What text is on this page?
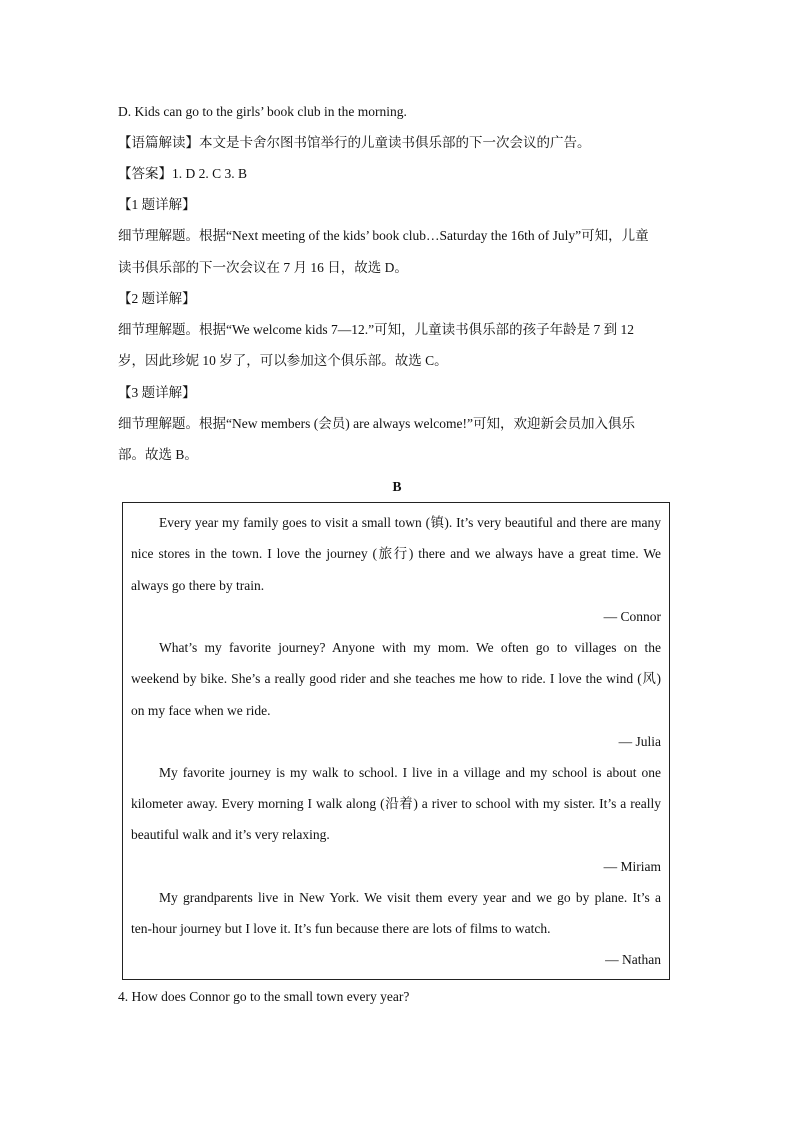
D. Kids can go to the girls’ book club in the morning.
【语篇解读】本文是卡舍尔图书馆举行的儿童读书俱乐部的下一次会议的广告。
【答案】1. D 2. C 3. B
【1 题详解】
细节理解题。根据“Next meeting of the kids’ book club…Saturday the 16th of July”可知，儿童
读书俱乐部的下一次会议在 7 月 16 日，故选 D。
【2 题详解】
细节理解题。根据“We welcome kids 7—12.”可知，儿童读书俱乐部的孩子年龄是 7 到 12
岁，因此珍妮 10 岁了，可以参加这个俱乐部。故选 C。
【3 题详解】
细节理解题。根据“New members (会员) are always welcome!”可知，欢迎新会员加入俱乐
部。故选 B。
B
Every year my family goes to visit a small town (镇). It’s very beautiful and there are many
nice stores in the town. I love the journey (旅行) there and we always have a great time. We
always go there by train.
— Connor
What’s my favorite journey? Anyone with my mom. We often go to villages on the
weekend by bike. She’s a really good rider and she teaches me how to ride. I love the wind (风)
on my face when we ride.
— Julia
My favorite journey is my walk to school. I live in a village and my school is about one
kilometer away. Every morning I walk along (沿着) a river to school with my sister. It’s a really
beautiful walk and it’s very relaxing.
— Miriam
My grandparents live in New York. We visit them every year and we go by plane. It’s a
ten-hour journey but I love it. It’s fun because there are lots of films to watch.
— Nathan
4. How does Connor go to the small town every year?
